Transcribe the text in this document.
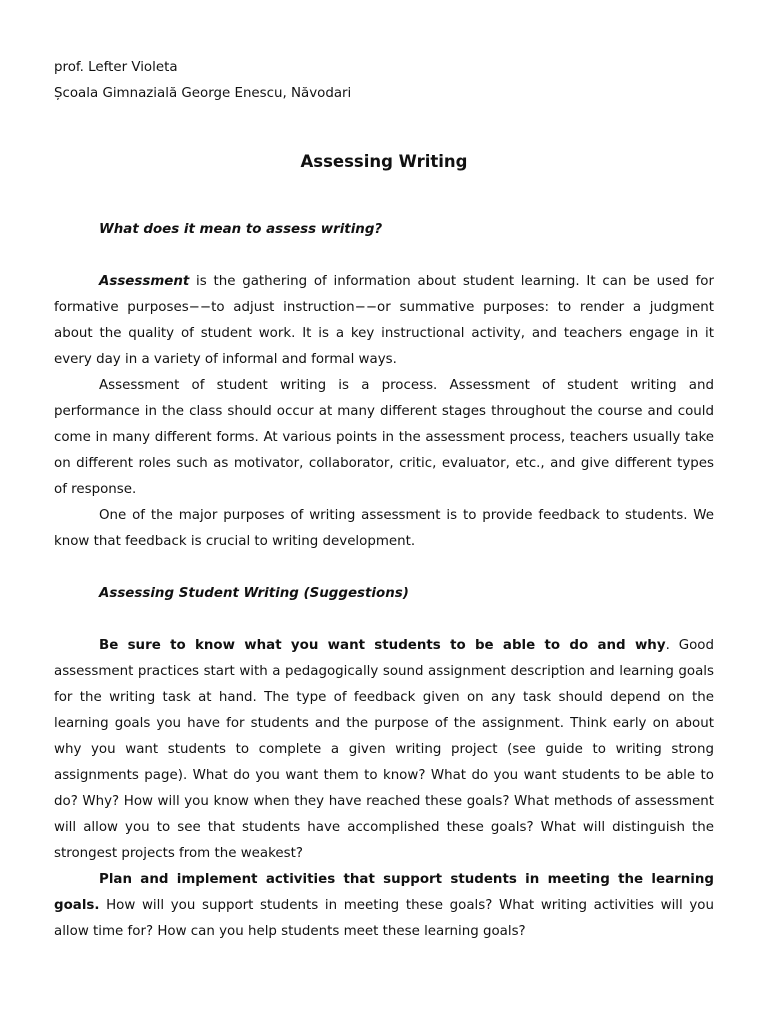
prof. Lefter Violeta

Școala Gimnazială George Enescu, Năvodari

Assessing Writing

What does it mean to assess writing?

Assessment is the gathering of information about student learning. It can be used for formative purposes−−to adjust instruction−−or summative purposes: to render a judgment about the quality of student work. It is a key instructional activity, and teachers engage in it every day in a variety of informal and formal ways.

Assessment of student writing is a process. Assessment of student writing and performance in the class should occur at many different stages throughout the course and could come in many different forms. At various points in the assessment process, teachers usually take on different roles such as motivator, collaborator, critic, evaluator, etc., and give different types of response.

One of the major purposes of writing assessment is to provide feedback to students. We know that feedback is crucial to writing development.

Assessing Student Writing (Suggestions)

Be sure to know what you want students to be able to do and why. Good assessment practices start with a pedagogically sound assignment description and learning goals for the writing task at hand. The type of feedback given on any task should depend on the learning goals you have for students and the purpose of the assignment. Think early on about why you want students to complete a given writing project (see guide to writing strong assignments page). What do you want them to know? What do you want students to be able to do? Why? How will you know when they have reached these goals? What methods of assessment will allow you to see that students have accomplished these goals? What will distinguish the strongest projects from the weakest?

Plan and implement activities that support students in meeting the learning goals. How will you support students in meeting these goals? What writing activities will you allow time for? How can you help students meet these learning goals?
